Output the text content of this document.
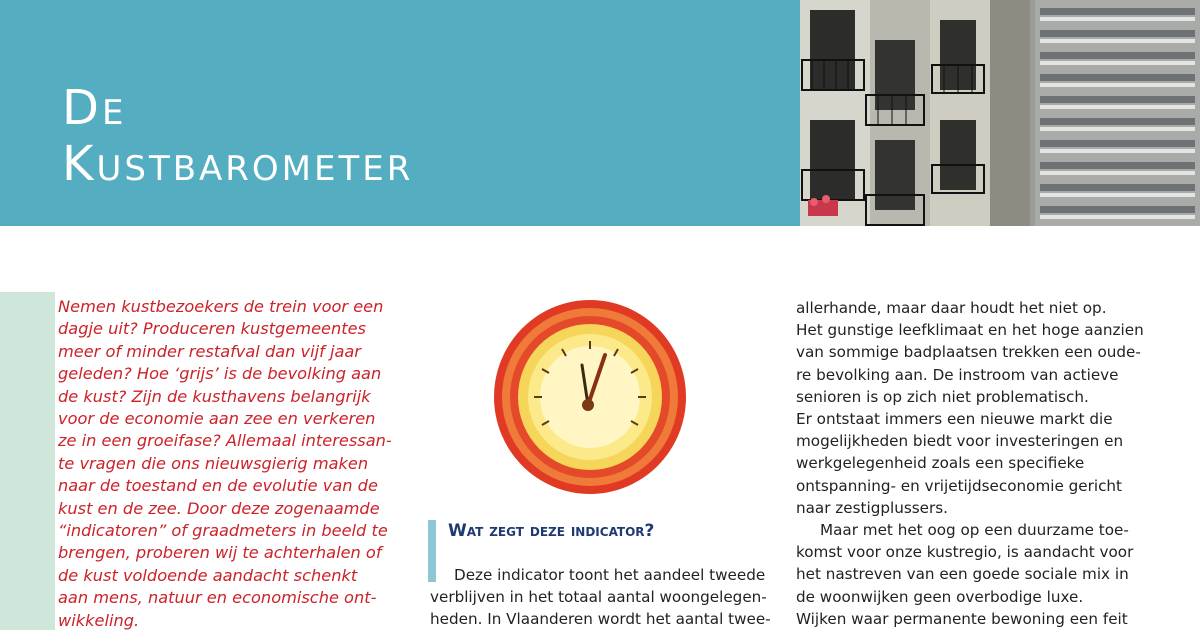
De
Kustbarometer

Nemen kustbezoekers de trein voor een
dagje uit? Produceren kustgemeentes
meer of minder restafval dan vijf jaar
geleden? Hoe ‘grijs’ is de bevolking aan
de kust? Zijn de kusthavens belangrijk
voor de economie aan zee en verkeren
ze in een groeifase? Allemaal interessan-
te vragen die ons nieuwsgierig maken
naar de toestand en de evolutie van de
kust en de zee. Door deze zogenaamde
“indicatoren” of graadmeters in beeld te
brengen, proberen wij te achterhalen of
de kust voldoende aandacht schenkt
aan mens, natuur en economische ont-
wikkeling.

Wat zegt deze indicator?

Deze indicator toont het aandeel tweede
verblijven in het totaal aantal woongelegen-
heden. In Vlaanderen wordt het aantal twee-

allerhande, maar daar houdt het niet op.
Het gunstige leefklimaat en het hoge aanzien
van sommige badplaatsen trekken een oude-
re bevolking aan. De instroom van actieve
senioren is op zich niet problematisch.
Er ontstaat immers een nieuwe markt die
mogelijkheden biedt voor investeringen en
werkgelegenheid zoals een specifieke
ontspanning- en vrijetijdseconomie gericht
naar zestigplussers.
Maar met het oog op een duurzame toe-
komst voor onze kustregio, is aandacht voor
het nastreven van een goede sociale mix in
de woonwijken geen overbodige luxe.
Wijken waar permanente bewoning een feit
